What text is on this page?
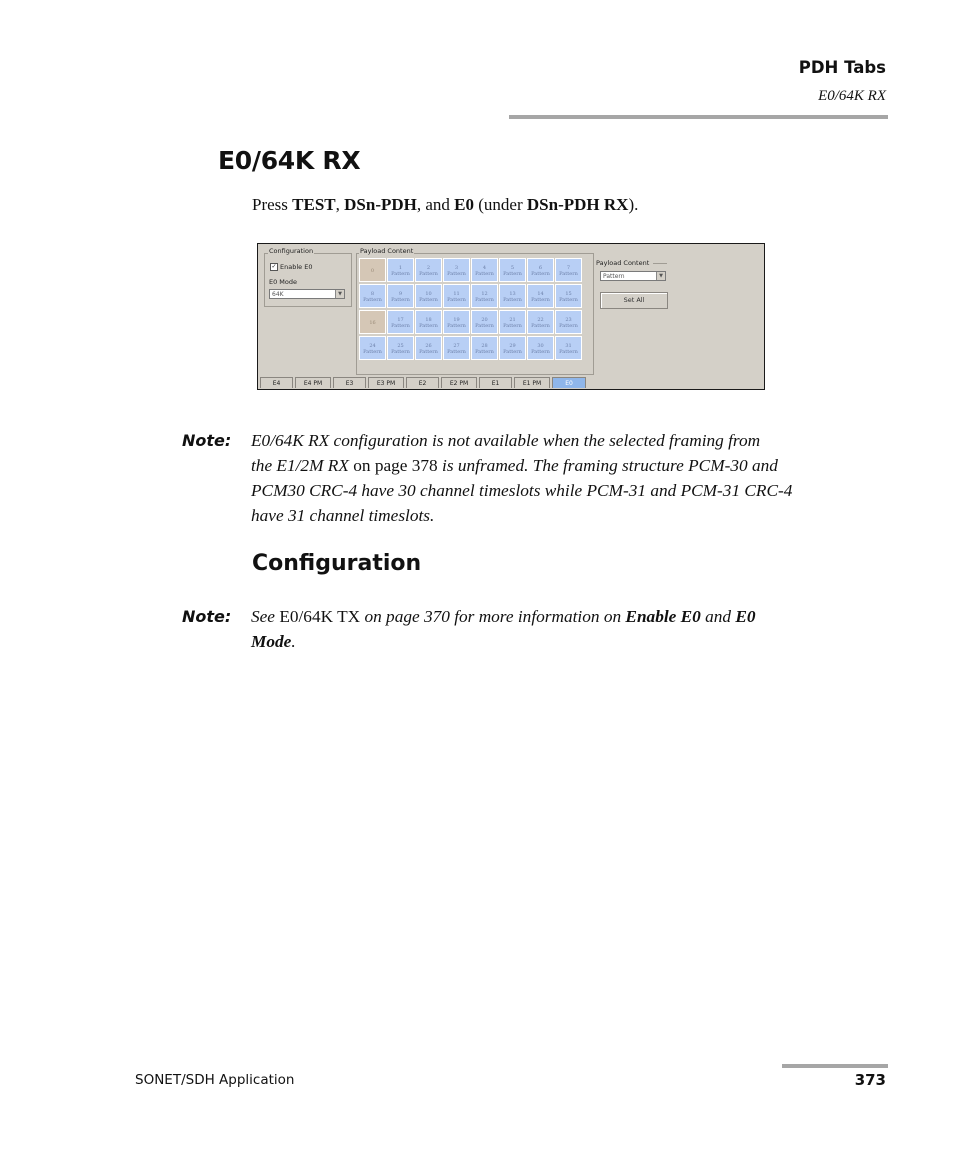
PDH Tabs
E0/64K RX
E0/64K RX
Press TEST, DSn-PDH, and E0 (under DSn-PDH RX).
Configuration
✓ Enable E0
E0 Mode
64K	▼
Payload Content
Payload Content
Pattern	▼
Set All
E4	E4 PM	E3	E3 PM	E2	E2 PM	E1	E1 PM	E0
0	1
Pattern
2
Pattern
3
Pattern
4
Pattern
5
Pattern
6
Pattern
7
Pattern
8
Pattern
9
Pattern
10
Pattern
11
Pattern
12
Pattern
13
Pattern
14
Pattern
15
Pattern
16	17
Pattern
18
Pattern
19
Pattern
20
Pattern
21
Pattern
22
Pattern
23
Pattern
24
Pattern
25
Pattern
26
Pattern
27
Pattern
28
Pattern
29
Pattern
30
Pattern
31
Pattern
Note: E0/64K RX configuration is not available when the selected framing from
the E1/2M RX on page 378 is unframed. The framing structure PCM-30 and
PCM30 CRC-4 have 30 channel timeslots while PCM-31 and PCM-31 CRC-4
have 31 channel timeslots.
Configuration
Note: See E0/64K TX on page 370 for more information on Enable E0 and E0
Mode.
SONET/SDH Application	373
